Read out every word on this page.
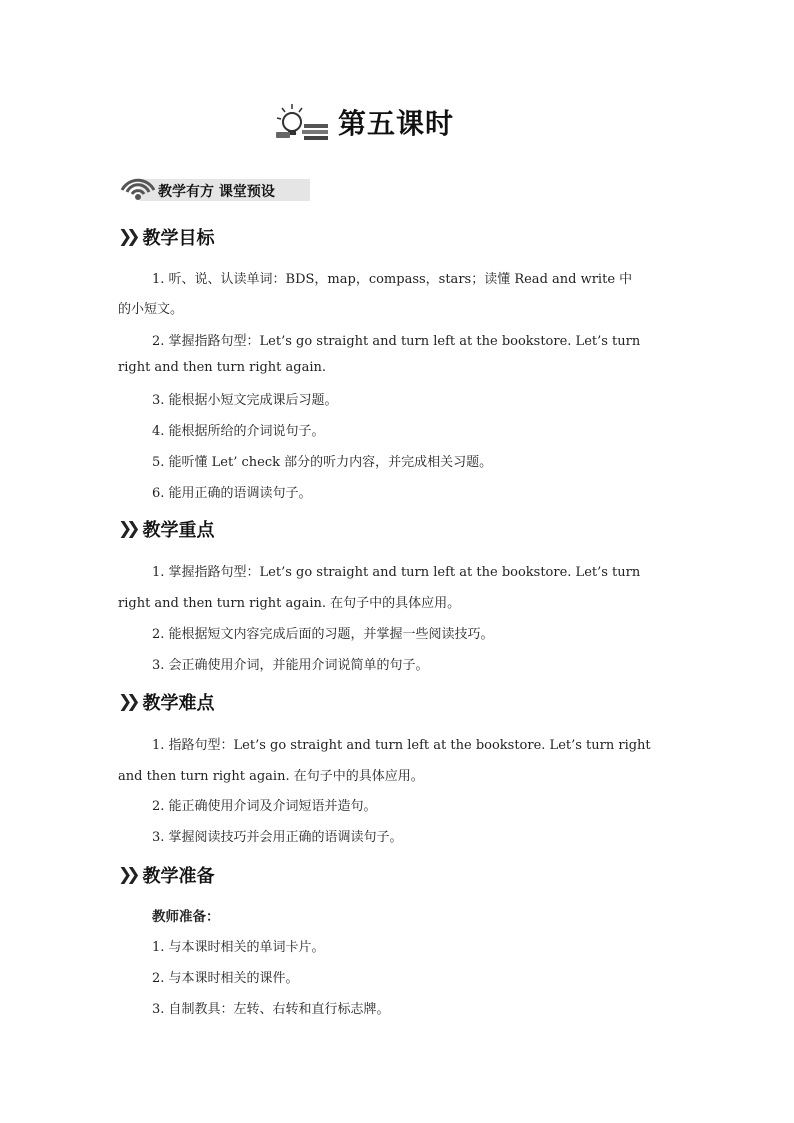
第五课时
教学有方 课堂预设
❯❯ 教学目标
1. 听、说、认读单词：BDS，map，compass，stars；读懂 Read and write 中
的小短文。
2. 掌握指路句型：Let’s go straight and turn left at the bookstore. Let’s turn
right and then turn right again.
3. 能根据小短文完成课后习题。
4. 能根据所给的介词说句子。
5. 能听懂 Let’ check 部分的听力内容，并完成相关习题。
6. 能用正确的语调读句子。
❯❯ 教学重点
1. 掌握指路句型：Let’s go straight and turn left at the bookstore. Let’s turn
right and then turn right again. 在句子中的具体应用。
2. 能根据短文内容完成后面的习题，并掌握一些阅读技巧。
3. 会正确使用介词，并能用介词说简单的句子。
❯❯ 教学难点
1. 指路句型：Let’s go straight and turn left at the bookstore. Let’s turn right
and then turn right again. 在句子中的具体应用。
2. 能正确使用介词及介词短语并造句。
3. 掌握阅读技巧并会用正确的语调读句子。
❯❯ 教学准备
教师准备：
1. 与本课时相关的单词卡片。
2. 与本课时相关的课件。
3. 自制教具：左转、右转和直行标志牌。
